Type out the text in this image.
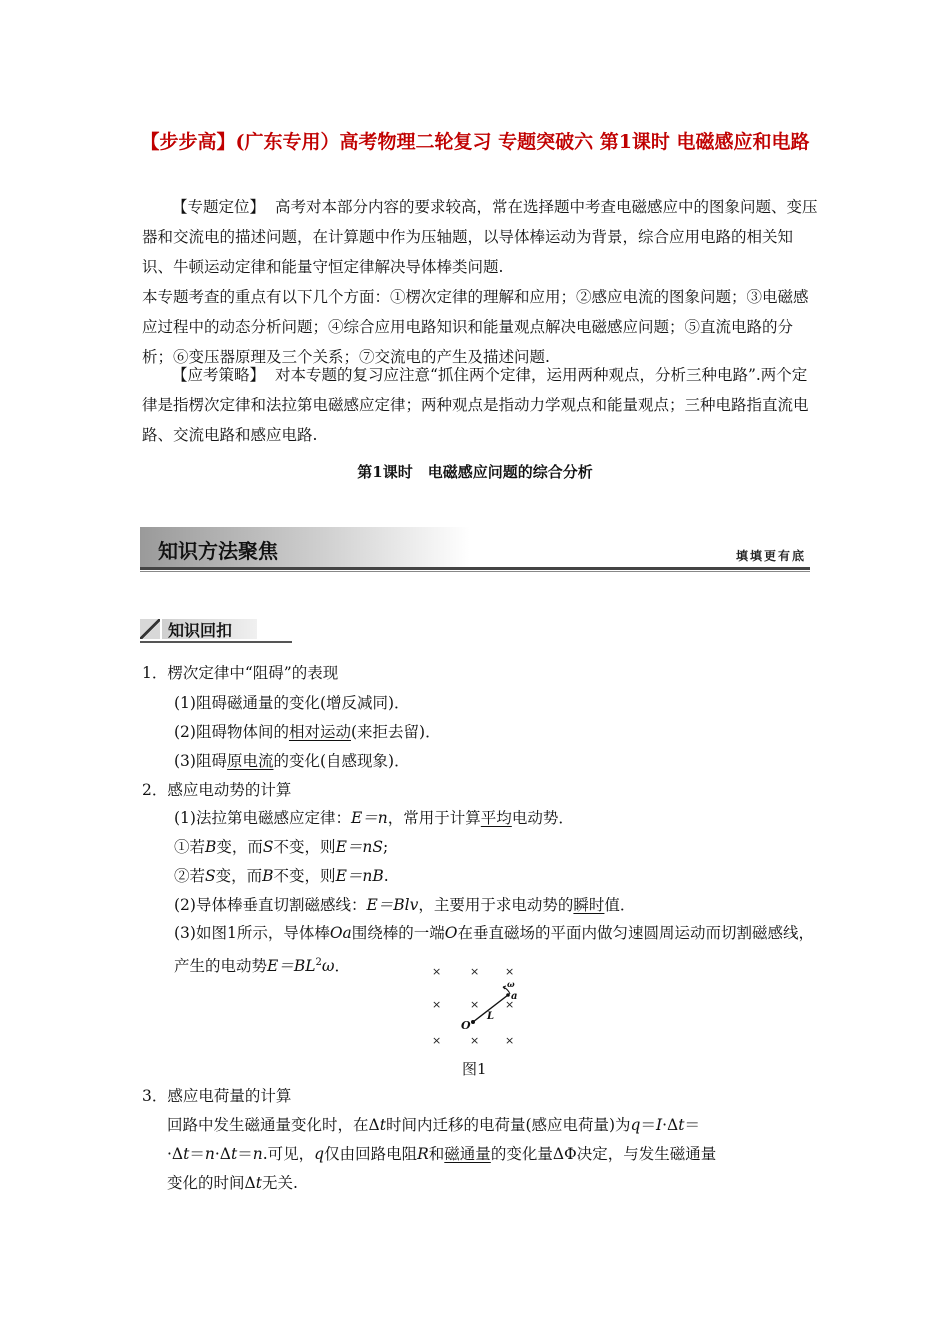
【步步高】(广东专用）高考物理二轮复习 专题突破六 第1课时 电磁感应和电路

【专题定位】 高考对本部分内容的要求较高，常在选择题中考查电磁感应中的图象问题、变压器和交流电的描述问题，在计算题中作为压轴题，以导体棒运动为背景，综合应用电路的相关知识、牛顿运动定律和能量守恒定律解决导体棒类问题.

本专题考查的重点有以下几个方面：①楞次定律的理解和应用；②感应电流的图象问题；③电磁感应过程中的动态分析问题；④综合应用电路知识和能量观点解决电磁感应问题；⑤直流电路的分析；⑥变压器原理及三个关系；⑦交流电的产生及描述问题.

【应考策略】 对本专题的复习应注意“抓住两个定律，运用两种观点，分析三种电路”.两个定律是指楞次定律和法拉第电磁感应定律；两种观点是指动力学观点和能量观点；三种电路指直流电路、交流电路和感应电路.

第1课时　电磁感应问题的综合分析
知识方法聚焦	填填更有底
知识回扣
1．楞次定律中“阻碍”的表现
(1)阻碍磁通量的变化(增反减同)．
(2)阻碍物体间的相对运动(来拒去留)．
(3)阻碍原电流的变化(自感现象)．
2．感应电动势的计算
(1)法拉第电磁感应定律：E＝n，常用于计算平均电动势．
①若B变，而S不变，则E＝nS;
②若S变，而B不变，则E＝nB.
(2)导体棒垂直切割磁感线：E＝Blv，主要用于求电动势的瞬时值．
(3)如图1所示，导体棒Oa围绕棒的一端O在垂直磁场的平面内做匀速圆周运动而切割磁感线，产生的电动势$E=BL^2\omega$．	×	× ×
×	× ×
×	× ×
O
L
a
ω
图1
3．感应电荷量的计算
回路中发生磁通量变化时，在Δt时间内迁移的电荷量(感应电荷量)为q＝I·Δt＝
·Δt＝n·Δt＝n.可见，q仅由回路电阻R和磁通量的变化量ΔΦ决定，与发生磁通量
变化的时间Δt无关.
